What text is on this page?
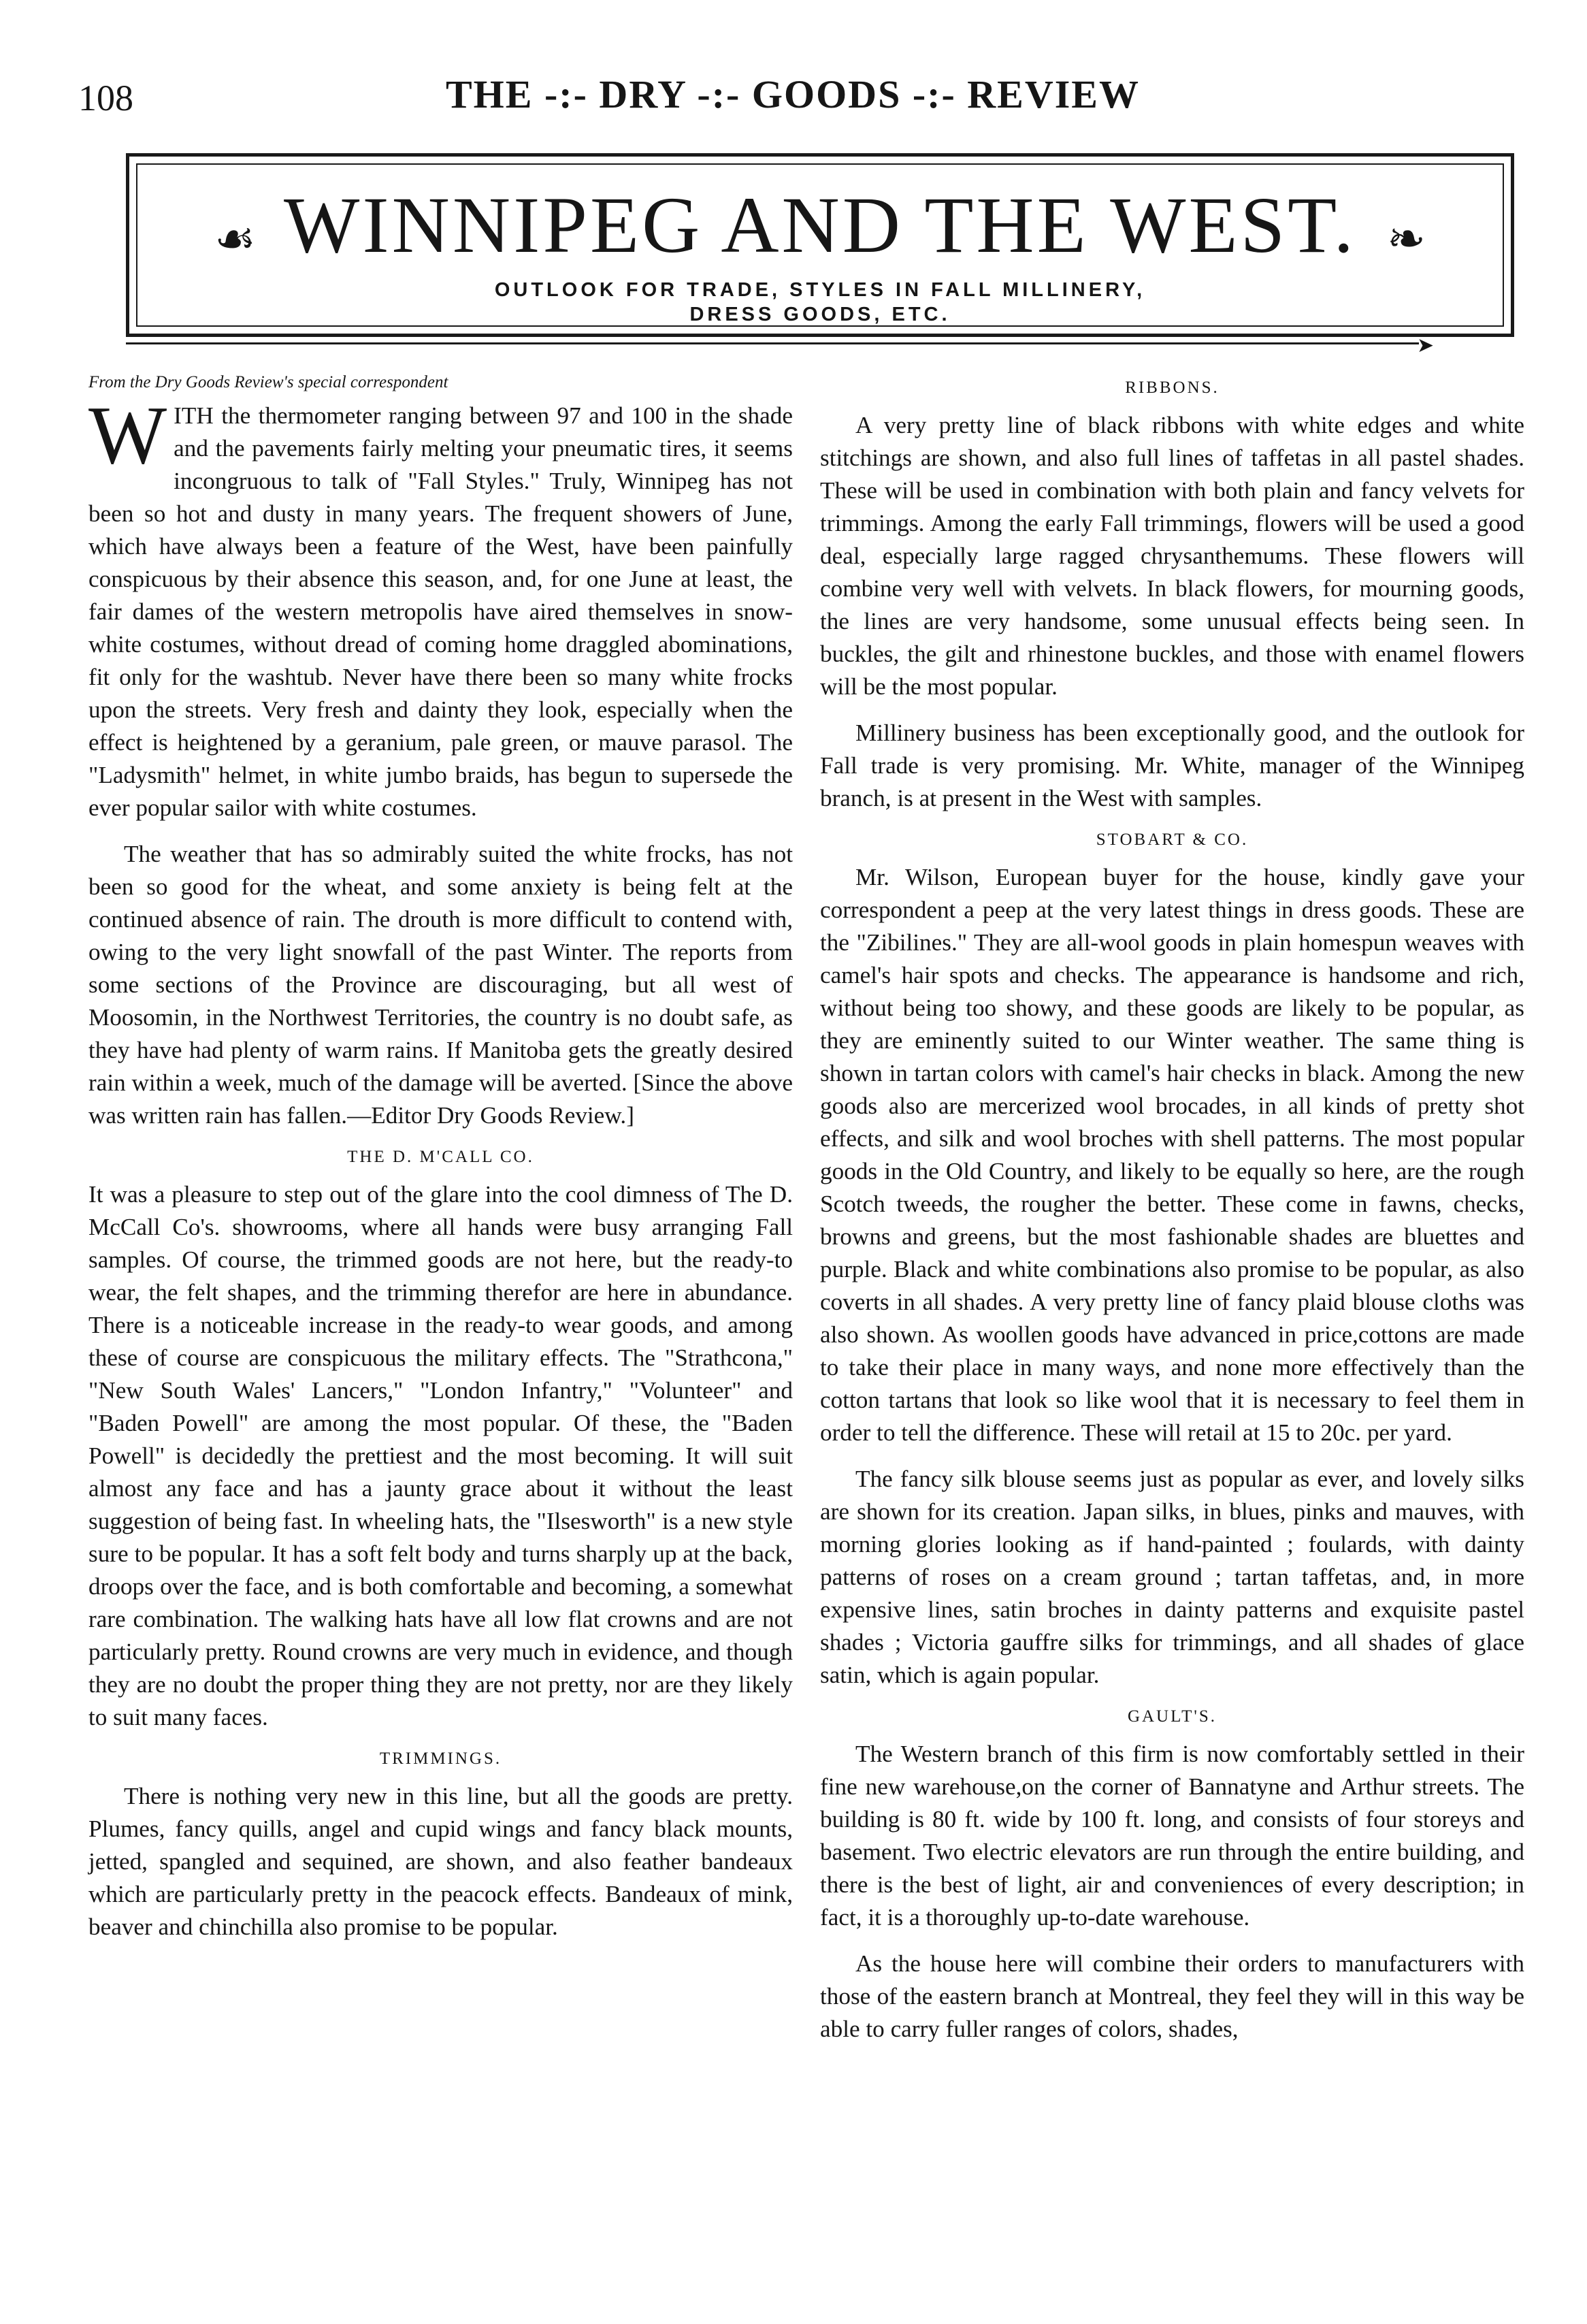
108	THE -:- DRY -:- GOODS -:- REVIEW
☙ WINNIPEG AND THE WEST. ❧
OUTLOOK FOR TRADE, STYLES IN FALL MILLINERY,
DRESS GOODS, ETC.
➤
From the Dry Goods Review's special correspondent

WITH the thermometer ranging between 97 and 100 in the shade and the pavements fairly melting your pneumatic tires, it seems incongruous to talk of "Fall Styles." Truly, Winnipeg has not been so hot and dusty in many years. The frequent showers of June, which have always been a feature of the West, have been painfully conspicuous by their absence this season, and, for one June at least, the fair dames of the western metropolis have aired themselves in snow-white costumes, without dread of coming home draggled abominations, fit only for the washtub. Never have there been so many white frocks upon the streets. Very fresh and dainty they look, especially when the effect is heightened by a geranium, pale green, or mauve parasol. The "Ladysmith" helmet, in white jumbo braids, has begun to supersede the ever popular sailor with white costumes.

The weather that has so admirably suited the white frocks, has not been so good for the wheat, and some anxiety is being felt at the continued absence of rain. The drouth is more difficult to contend with, owing to the very light snowfall of the past Winter. The reports from some sections of the Province are discouraging, but all west of Moosomin, in the Northwest Territories, the country is no doubt safe, as they have had plenty of warm rains. If Manitoba gets the greatly desired rain within a week, much of the damage will be averted. [Since the above was written rain has fallen.—Editor Dry Goods Review.]

THE D. M'CALL CO.

It was a pleasure to step out of the glare into the cool dimness of The D. McCall Co's. showrooms, where all hands were busy arranging Fall samples. Of course, the trimmed goods are not here, but the ready-to wear, the felt shapes, and the trimming therefor are here in abundance. There is a noticeable increase in the ready-to wear goods, and among these of course are conspicuous the military effects. The "Strathcona," "New South Wales' Lancers," "London Infantry," "Volunteer" and "Baden Powell" are among the most popular. Of these, the "Baden Powell" is decidedly the prettiest and the most becoming. It will suit almost any face and has a jaunty grace about it without the least suggestion of being fast. In wheeling hats, the "Ilsesworth" is a new style sure to be popular. It has a soft felt body and turns sharply up at the back, droops over the face, and is both comfortable and becoming, a somewhat rare combination. The walking hats have all low flat crowns and are not particularly pretty. Round crowns are very much in evidence, and though they are no doubt the proper thing they are not pretty, nor are they likely to suit many faces.

TRIMMINGS.

There is nothing very new in this line, but all the goods are pretty. Plumes, fancy quills, angel and cupid wings and fancy black mounts, jetted, spangled and sequined, are shown, and also feather bandeaux which are particularly pretty in the peacock effects. Bandeaux of mink, beaver and chinchilla also promise to be popular.

RIBBONS.

A very pretty line of black ribbons with white edges and white stitchings are shown, and also full lines of taffetas in all pastel shades. These will be used in combination with both plain and fancy velvets for trimmings. Among the early Fall trimmings, flowers will be used a good deal, especially large ragged chrysanthemums. These flowers will combine very well with velvets. In black flowers, for mourning goods, the lines are very handsome, some unusual effects being seen. In buckles, the gilt and rhinestone buckles, and those with enamel flowers will be the most popular.

Millinery business has been exceptionally good, and the outlook for Fall trade is very promising. Mr. White, manager of the Winnipeg branch, is at present in the West with samples.

STOBART & CO.

Mr. Wilson, European buyer for the house, kindly gave your correspondent a peep at the very latest things in dress goods. These are the "Zibilines." They are all-wool goods in plain homespun weaves with camel's hair spots and checks. The appearance is handsome and rich, without being too showy, and these goods are likely to be popular, as they are eminently suited to our Winter weather. The same thing is shown in tartan colors with camel's hair checks in black. Among the new goods also are mercerized wool brocades, in all kinds of pretty shot effects, and silk and wool broches with shell patterns. The most popular goods in the Old Country, and likely to be equally so here, are the rough Scotch tweeds, the rougher the better. These come in fawns, checks, browns and greens, but the most fashionable shades are bluettes and purple. Black and white combinations also promise to be popular, as also coverts in all shades. A very pretty line of fancy plaid blouse cloths was also shown. As woollen goods have advanced in price,cottons are made to take their place in many ways, and none more effectively than the cotton tartans that look so like wool that it is necessary to feel them in order to tell the difference. These will retail at 15 to 20c. per yard.

The fancy silk blouse seems just as popular as ever, and lovely silks are shown for its creation. Japan silks, in blues, pinks and mauves, with morning glories looking as if hand-painted ; foulards, with dainty patterns of roses on a cream ground ; tartan taffetas, and, in more expensive lines, satin broches in dainty patterns and exquisite pastel shades ; Victoria gauffre silks for trimmings, and all shades of glace satin, which is again popular.

GAULT'S.

The Western branch of this firm is now comfortably settled in their fine new warehouse,on the corner of Bannatyne and Arthur streets. The building is 80 ft. wide by 100 ft. long, and consists of four storeys and basement. Two electric elevators are run through the entire building, and there is the best of light, air and conveniences of every description; in fact, it is a thoroughly up-to-date warehouse.

As the house here will combine their orders to manufacturers with those of the eastern branch at Montreal, they feel they will in this way be able to carry fuller ranges of colors, shades,
